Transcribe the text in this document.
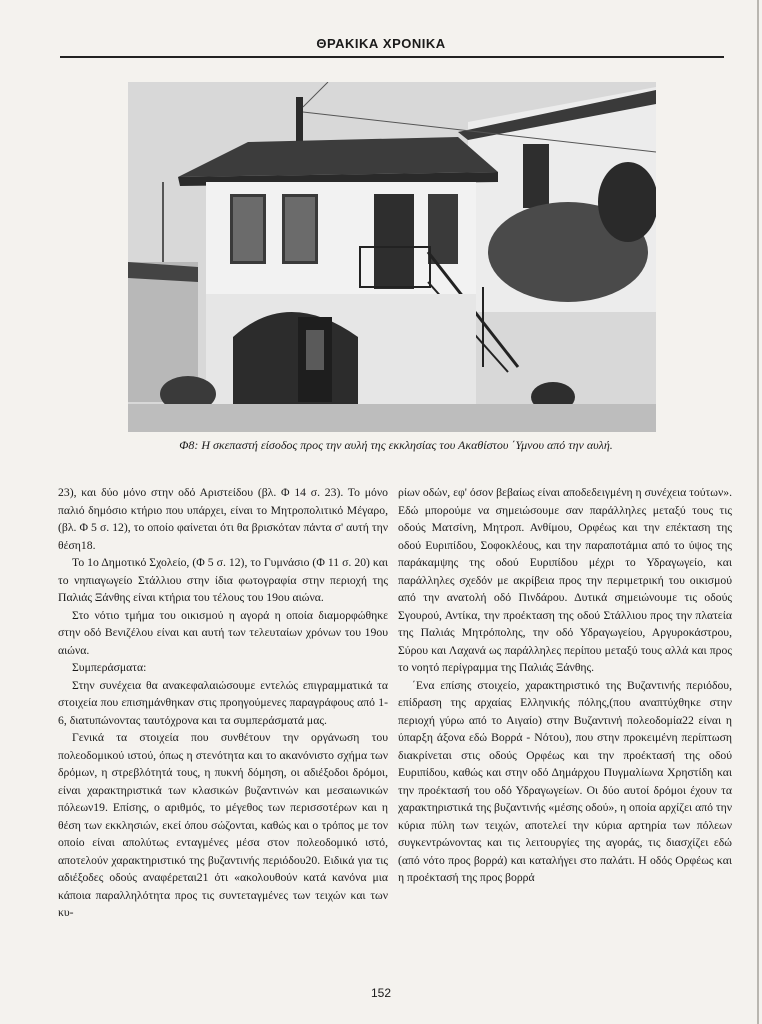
ΘΡΑΚΙΚΑ ΧΡΟΝΙΚΑ
Φ8: Η σκεπαστή είσοδος προς την αυλή της εκκλησίας του Ακαθίστου ΄Υμνου από την αυλή.

23), και δύο μόνο στην οδό Αριστείδου (βλ. Φ 14 σ. 23). Το μόνο παλιό δημόσιο κτήριο που υπάρχει, είναι το Μητροπολιτικό Μέγαρο, (βλ. Φ 5 σ. 12), το οποίο φαίνεται ότι θα βρισκόταν πάντα σ' αυτή την θέση18.

Το 1ο Δημοτικό Σχολείο, (Φ 5 σ. 12), το Γυμνάσιο (Φ 11 σ. 20) και το νηπιαγωγείο Στάλλιου στην ίδια φωτογραφία στην περιοχή της Παλιάς Ξάνθης είναι κτήρια του τέλους του 19ου αιώνα.

Στο νότιο τμήμα του οικισμού η αγορά η οποία διαμορφώθηκε στην οδό Βενιζέλου είναι και αυτή των τελευταίων χρόνων του 19ου αιώνα.

Συμπεράσματα:

Στην συνέχεια θα ανακεφαλαιώσουμε εντελώς επιγραμματικά τα στοιχεία που επισημάνθηκαν στις προηγούμενες παραγράφους από 1-6, διατυπώνοντας ταυτόχρονα και τα συμπεράσματά μας.

Γενικά τα στοιχεία που συνθέτουν την οργάνωση του πολεοδομικού ιστού, όπως η στενότητα και το ακανόνιστο σχήμα των δρόμων, η στρεβλότητά τους, η πυκνή δόμηση, οι αδιέξοδοι δρόμοι, είναι χαρακτηριστικά των κλασικών βυζαντινών και μεσαιωνικών πόλεων19. Επίσης, ο αριθμός, το μέγεθος των περισσοτέρων και η θέση των εκκλησιών, εκεί όπου σώζονται, καθώς και ο τρόπος με τον οποίο είναι απολύτως ενταγμένες μέσα στον πολεοδομικό ιστό, αποτελούν χαρακτηριστικό της βυζαντινής περιόδου20. Ειδικά για τις αδιέξοδες οδούς αναφέρεται21 ότι «ακολουθούν κατά κανόνα μια κάποια παραλληλότητα προς τις συντεταγμένες των τειχών και των κυ-

ρίων οδών, εφ' όσον βεβαίως είναι αποδεδειγμένη η συνέχεια τούτων». Εδώ μπορούμε να σημειώσουμε σαν παράλληλες μεταξύ τους τις οδούς Ματσίνη, Μητροπ. Ανθίμου, Ορφέως και την επέκταση της οδού Ευριπίδου, Σοφοκλέους, και την παραποτάμια από το ύψος της παράκαμψης της οδού Ευριπίδου μέχρι το Υδραγωγείο, και παράλληλες σχεδόν με ακρίβεια προς την περιμετρική του οικισμού από την ανατολή οδό Πινδάρου. Δυτικά σημειώνουμε τις οδούς Σγουρού, Αντίκα, την προέκταση της οδού Στάλλιου προς την πλατεία της Παλιάς Μητρόπολης, την οδό Υδραγωγείου, Αργυροκάστρου, Σύρου και Λαχανά ως παράλληλες περίπου μεταξύ τους αλλά και προς το νοητό περίγραμμα της Παλιάς Ξάνθης.

΄Ενα επίσης στοιχείο, χαρακτηριστικό της Βυζαντινής περιόδου, επίδραση της αρχαίας Ελληνικής πόλης,(που αναπτύχθηκε στην περιοχή γύρω από το Αιγαίο) στην Βυζαντινή πολεοδομία22 είναι η ύπαρξη άξονα εδώ Βορρά - Νότου), που στην προκειμένη περίπτωση διακρίνεται στις οδούς Ορφέως και την προέκτασή της οδού Ευριπίδου, καθώς και στην οδό Δημάρχου Πυγμαλίωνα Χρηστίδη και την προέκτασή του οδό Υδραγωγείων. Οι δύο αυτοί δρόμοι έχουν τα χαρακτηριστικά της βυζαντινής «μέσης οδού», η οποία αρχίζει από την κύρια πύλη των τειχών, αποτελεί την κύρια αρτηρία των πόλεων συγκεντρώνοντας και τις λειτουργίες της αγοράς, τις διασχίζει εδώ (από νότο προς βορρά) και καταλήγει στο παλάτι. Η οδός Ορφέως και η προέκτασή της προς βορρά

152
